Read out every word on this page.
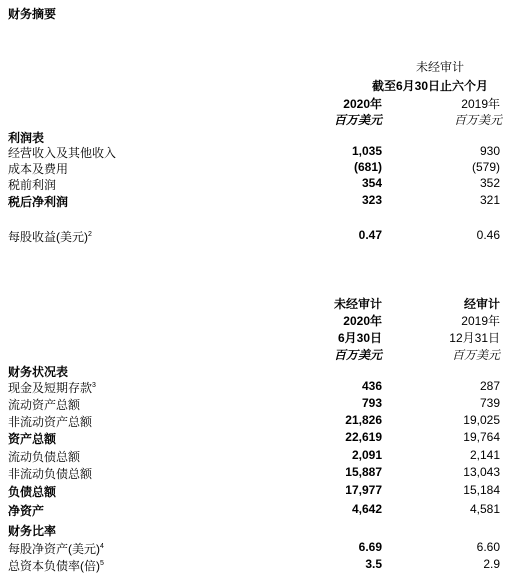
财务摘要
未经审计
截至6月30日止六个月
2020年	2019年
百万美元	百万美元
利润表
经营收入及其他收入	1,035	930
成本及费用	(681)	(579)
税前利润	354	352
税后净利润	323	321
每股收益(美元)$^2$	0.47	0.46
未经审计	经审计
2020年	2019年
6月30日	12月31日
百万美元	百万美元
财务状况表
现金及短期存款$^3$	436	287
流动资产总额	793	739
非流动资产总额	21,826	19,025
资产总额	22,619	19,764
流动负债总额	2,091	2,141
非流动负债总额	15,887	13,043
负债总额	17,977	15,184
净资产	4,642	4,581
财务比率
每股净资产(美元)$^4$	6.69	6.60
总资本负债率(倍)$^5$	3.5	2.9
